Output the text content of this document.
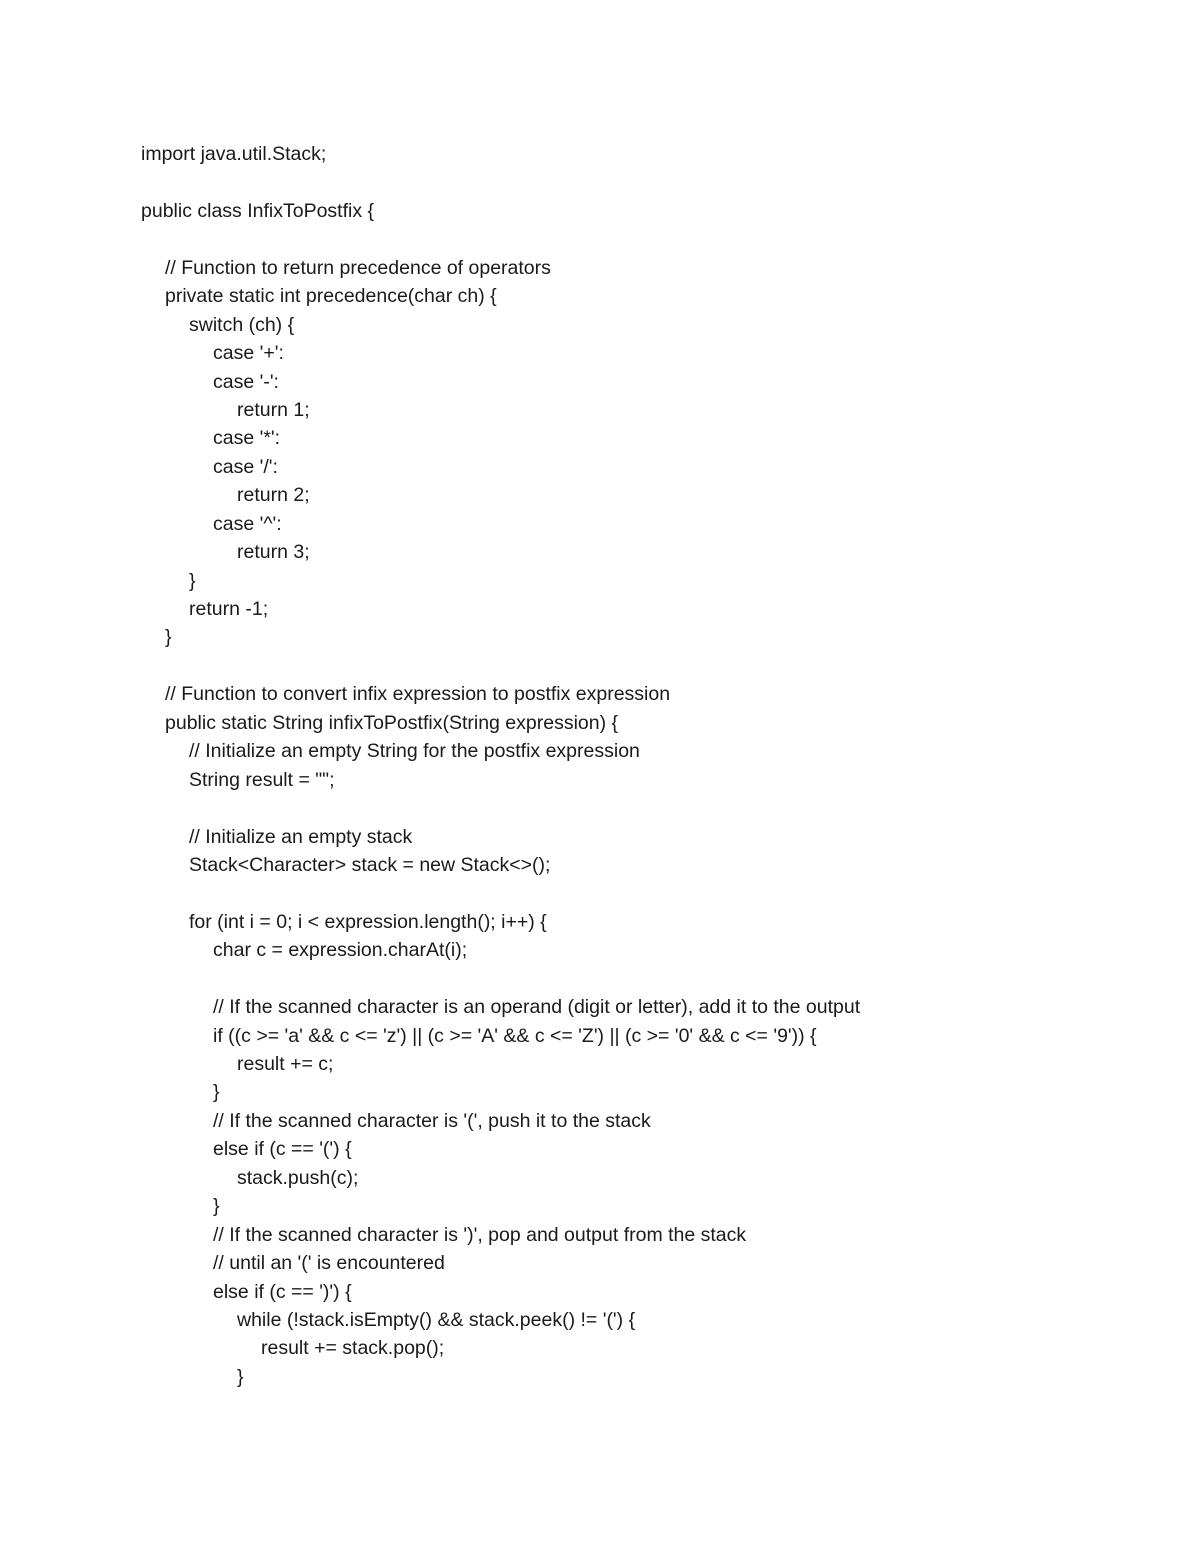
import java.util.Stack;
public class InfixToPostfix {
// Function to return precedence of operators
private static int precedence(char ch) {
switch (ch) {
case '+':
case '-':
return 1;
case '*':
case '/':
return 2;
case '^':
return 3;
}
return -1;
}
// Function to convert infix expression to postfix expression
public static String infixToPostfix(String expression) {
// Initialize an empty String for the postfix expression
String result = "";
// Initialize an empty stack
Stack<Character> stack = new Stack<>();
for (int i = 0; i < expression.length(); i++) {
char c = expression.charAt(i);
// If the scanned character is an operand (digit or letter), add it to the output
if ((c >= 'a' && c <= 'z') || (c >= 'A' && c <= 'Z') || (c >= '0' && c <= '9')) {
result += c;
}
// If the scanned character is '(', push it to the stack
else if (c == '(') {
stack.push(c);
}
// If the scanned character is ')', pop and output from the stack
// until an '(' is encountered
else if (c == ')') {
while (!stack.isEmpty() && stack.peek() != '(') {
result += stack.pop();
}
